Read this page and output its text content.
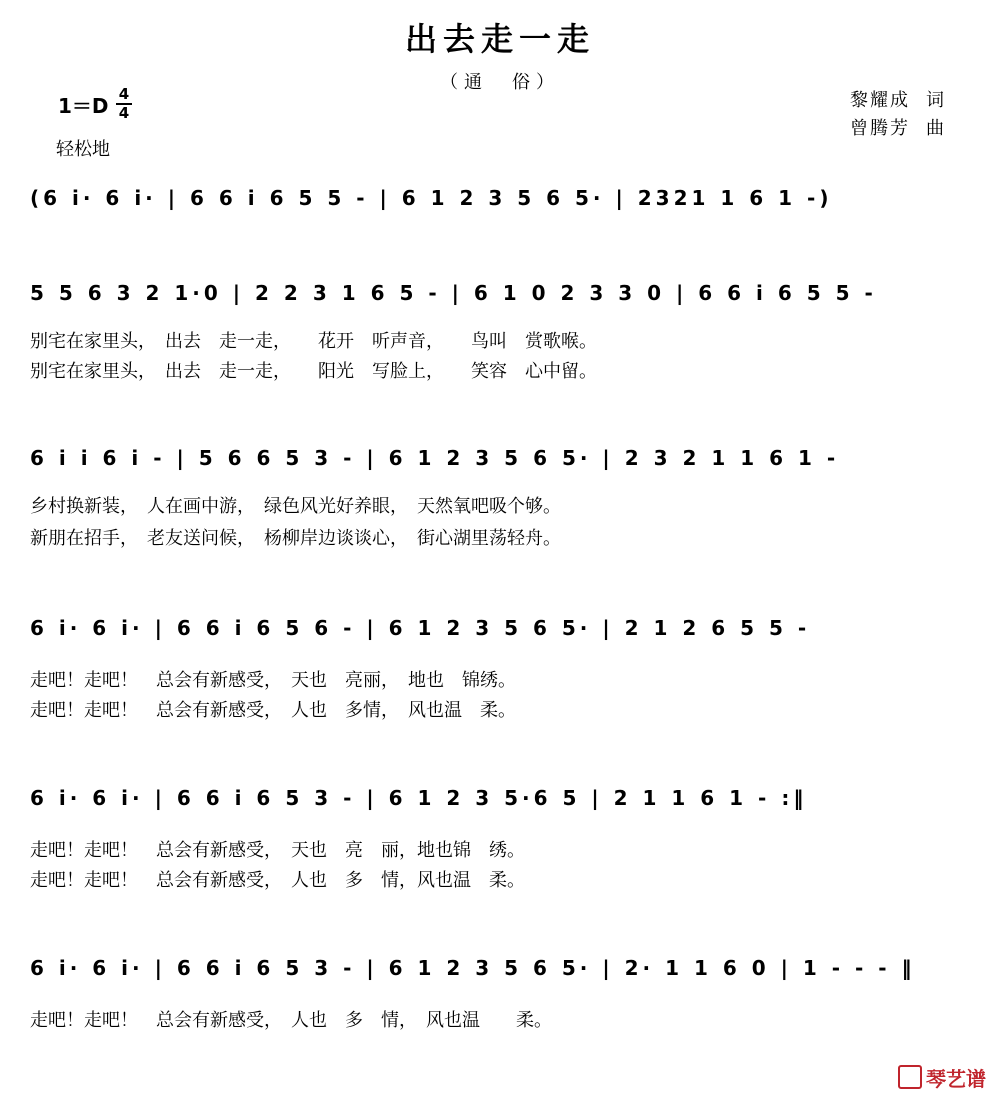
出去走一走
（通　俗）
1＝D 4
4
轻松地
黎耀成 词
曾腾芳 曲
(6 i· 6 i· | 6 6 i 6 5 5 - | 6 1 2 3 5 6 5· | 2321 1 6 1 -)
5 5 6 3 2 1·0 | 2 2 3 1 6 5 - | 6 1 0 2 3 3 0 | 6 6 i 6 5 5 -
别宅在家里头，　出去　走一走，　　花开　听声音，　　鸟叫　赏歌喉。
别宅在家里头，　出去　走一走，　　阳光　写脸上，　　笑容　心中留。
6 i i 6 i - | 5 6 6 5 3 - | 6 1 2 3 5 6 5· | 2 3 2 1 1 6 1 -
乡村换新装，　人在画中游，　绿色风光好养眼，　天然氧吧吸个够。
新朋在招手，　老友送问候，　杨柳岸边谈谈心，　街心湖里荡轻舟。
6 i· 6 i· | 6 6 i 6 5 6 - | 6 1 2 3 5 6 5· | 2 1 2 6 5 5 -
走吧！走吧！　总会有新感受，　天也　亮丽，　地也　锦绣。
走吧！走吧！　总会有新感受，　人也　多情，　风也温　柔。
6 i· 6 i· | 6 6 i 6 5 3 - | 6 1 2 3 5·6 5 | 2 1 1 6 1 - :‖
走吧！走吧！　总会有新感受，　天也　亮　丽，地也锦　绣。
走吧！走吧！　总会有新感受，　人也　多　情，风也温　柔。
6 i· 6 i· | 6 6 i 6 5 3 - | 6 1 2 3 5 6 5· | 2· 1 1 6 0 | 1 - - - ‖
走吧！走吧！　总会有新感受，　人也　多　情，　风也温　　柔。
琴艺谱
